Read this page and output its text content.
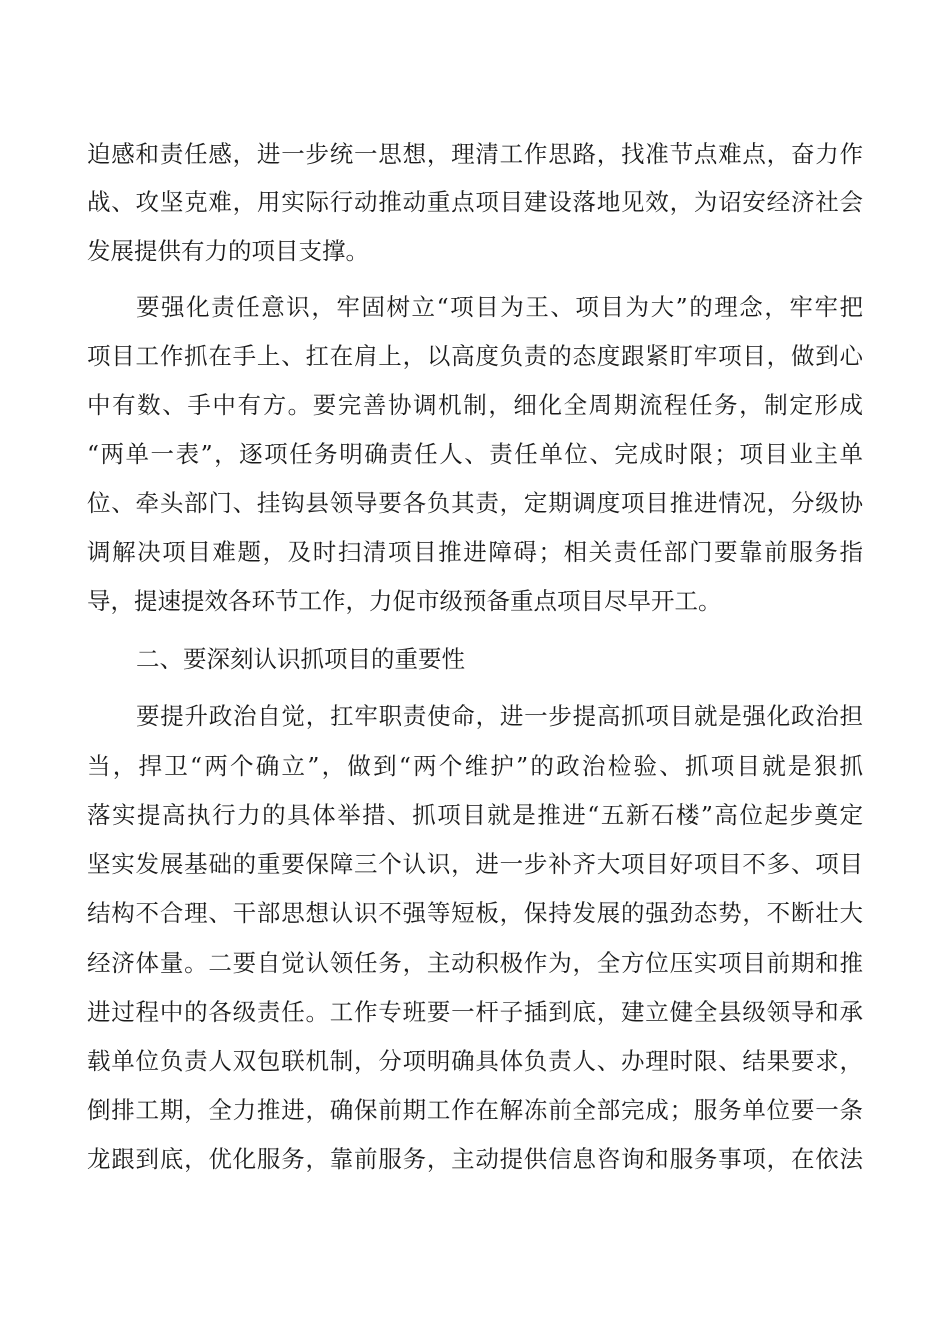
迫感和责任感，进一步统一思想，理清工作思路，找准节点难点，奋力作
战、攻坚克难，用实际行动推动重点项目建设落地见效，为诏安经济社会
发展提供有力的项目支撑。
要强化责任意识，牢固树立“项目为王、项目为大”的理念，牢牢把
项目工作抓在手上、扛在肩上，以高度负责的态度跟紧盯牢项目，做到心
中有数、手中有方。要完善协调机制，细化全周期流程任务，制定形成
“两单一表”，逐项任务明确责任人、责任单位、完成时限；项目业主单
位、牵头部门、挂钩县领导要各负其责，定期调度项目推进情况，分级协
调解决项目难题，及时扫清项目推进障碍；相关责任部门要靠前服务指
导，提速提效各环节工作，力促市级预备重点项目尽早开工。
二、要深刻认识抓项目的重要性
要提升政治自觉，扛牢职责使命，进一步提高抓项目就是强化政治担
当，捍卫“两个确立”，做到“两个维护”的政治检验、抓项目就是狠抓
落实提高执行力的具体举措、抓项目就是推进“五新石楼”高位起步奠定
坚实发展基础的重要保障三个认识，进一步补齐大项目好项目不多、项目
结构不合理、干部思想认识不强等短板，保持发展的强劲态势，不断壮大
经济体量。二要自觉认领任务，主动积极作为，全方位压实项目前期和推
进过程中的各级责任。工作专班要一杆子插到底，建立健全县级领导和承
载单位负责人双包联机制，分项明确具体负责人、办理时限、结果要求，
倒排工期，全力推进，确保前期工作在解冻前全部完成；服务单位要一条
龙跟到底，优化服务，靠前服务，主动提供信息咨询和服务事项，在依法
